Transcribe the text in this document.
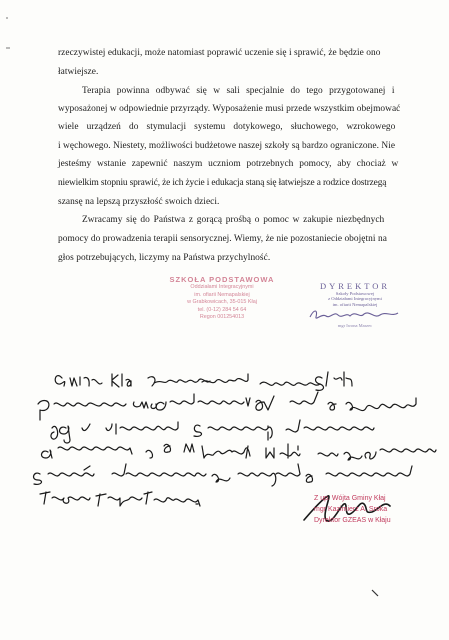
rzeczywistej edukacji, może natomiast poprawić uczenie się i sprawić, że będzie ono
łatwiejsze.
Terapia powinna odbywać się w sali specjalnie do tego przygotowanej i
wyposażonej w odpowiednie przyrządy. Wyposażenie musi przede wszystkim obejmować
wiele urządzeń do stymulacji systemu dotykowego, słuchowego, wzrokowego
i węchowego. Niestety, możliwości budżetowe naszej szkoły są bardzo ograniczone. Nie
jesteśmy wstanie zapewnić naszym uczniom potrzebnych pomocy, aby chociaż w
niewielkim stopniu sprawić, że ich życie i edukacja staną się łatwiejsze a rodzice dostrzegą
szansę na lepszą przyszłość swoich dzieci.
Zwracamy się do Państwa z gorącą prośbą o pomoc w zakupie niezbędnych
pomocy do prowadzenia terapii sensorycznej. Wiemy, że nie pozostaniecie obojętni na
głos potrzebujących, liczymy na Państwa przychylność.
SZKOŁA PODSTAWOWA
Oddziałami Integracyjnymi
im. ofiarii Nemapalskiej
w Grabkowicach, 35-015 Kłaj
tel. (0-12) 284 54 64
Regon 001254013
DYREKTOR
Szkoły Podstawowej
z Oddziałami Integracyjnymi
im. ofiarii Nemapalskiej
mgr Iwona Marzec
Z up. Wójta Gminy Kłaj
mgr Kazimierz A. Sroka
Dyrektor GZEAS w Kłaju
